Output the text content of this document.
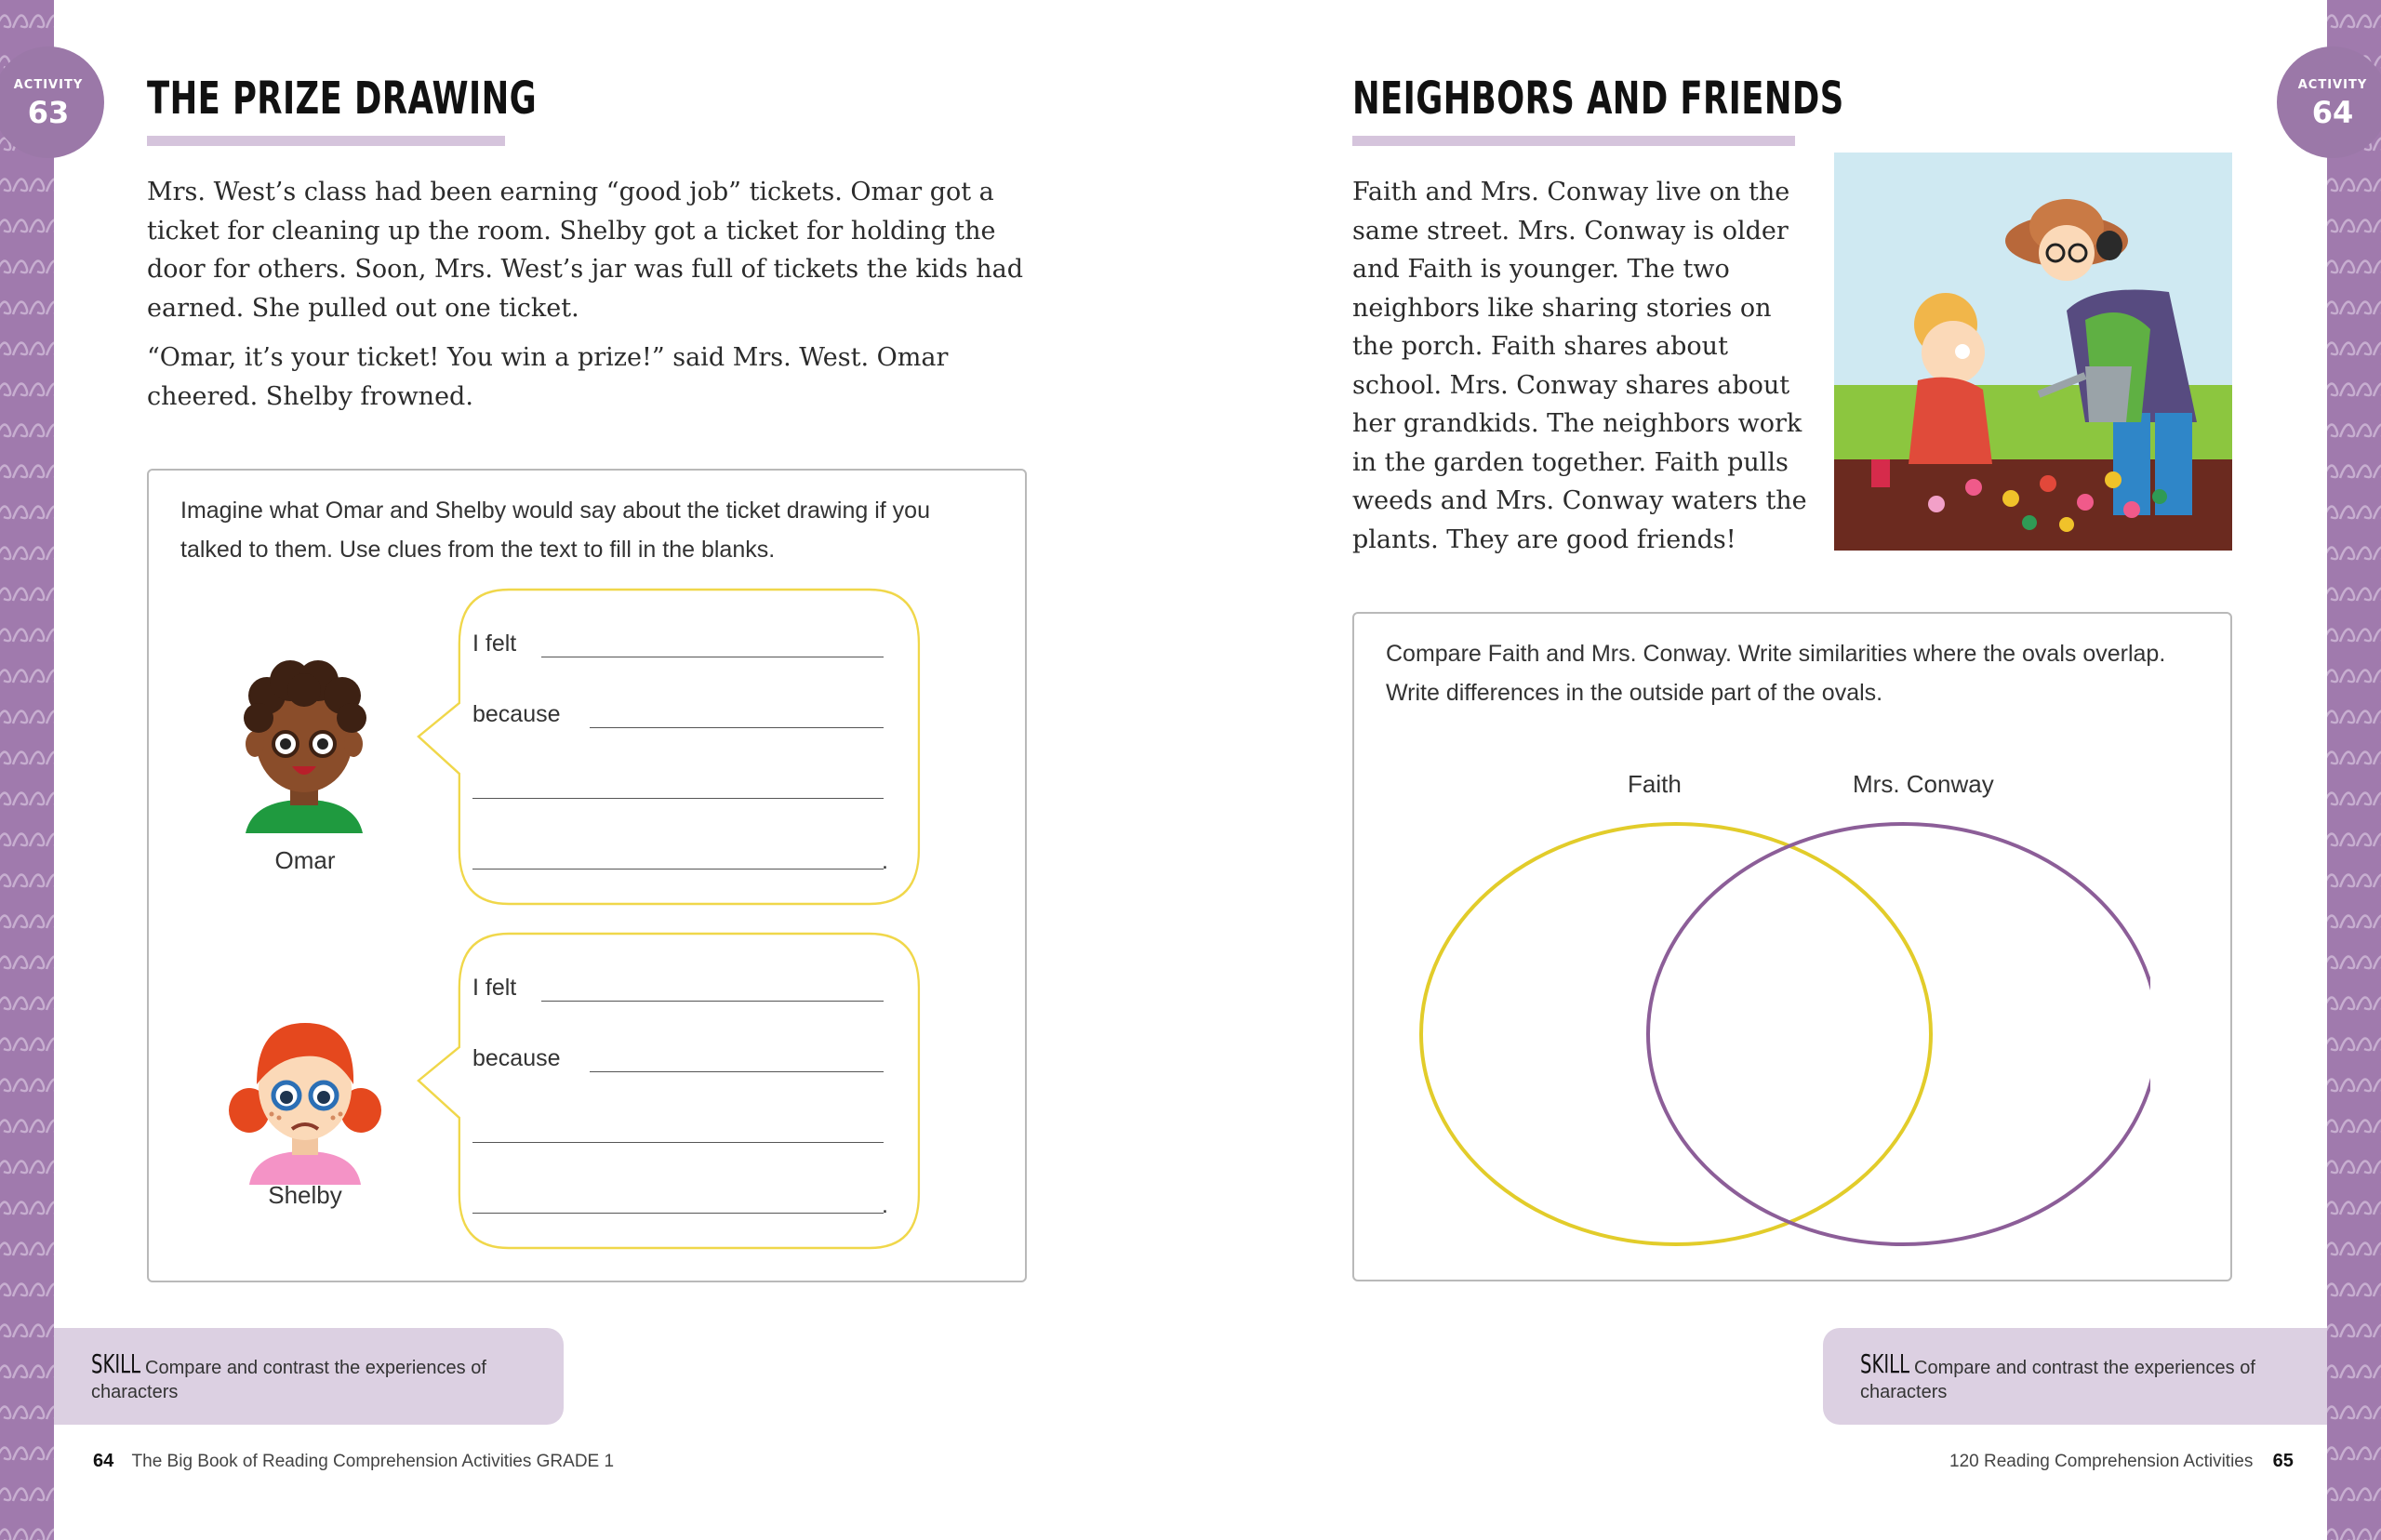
ACTIVITY
63	THE PRIZE DRAWING

Mrs. West’s class had been earning “good job” tickets. Omar got a ticket for cleaning up the room. Shelby got a ticket for holding the door for others. Soon, Mrs. West’s jar was full of tickets the kids had earned. She pulled out one ticket.

“Omar, it’s your ticket! You win a prize!” said Mrs. West. Omar cheered. Shelby frowned.

Imagine what Omar and Shelby would say about the ticket drawing if you talked to them. Use clues from the text to fill in the blanks.
Omar
I felt
because
.
Shelby
I felt
because
.
SKILL Compare and contrast the experiences of characters
64 The Big Book of Reading Comprehension Activities GRADE 1
ACTIVITY
64
NEIGHBORS AND FRIENDS
Faith and Mrs. Conway live on the same street. Mrs. Conway is older and Faith is younger. The two neighbors like sharing stories on the porch. Faith shares about school. Mrs. Conway shares about her grandkids. The neighbors work in the garden together. Faith pulls weeds and Mrs. Conway waters the plants. They are good friends!
Compare Faith and Mrs. Conway. Write similarities where the ovals overlap. Write differences in the outside part of the ovals.
Faith	Mrs. Conway
SKILL Compare and contrast the experiences of characters
120 Reading Comprehension Activities 65
